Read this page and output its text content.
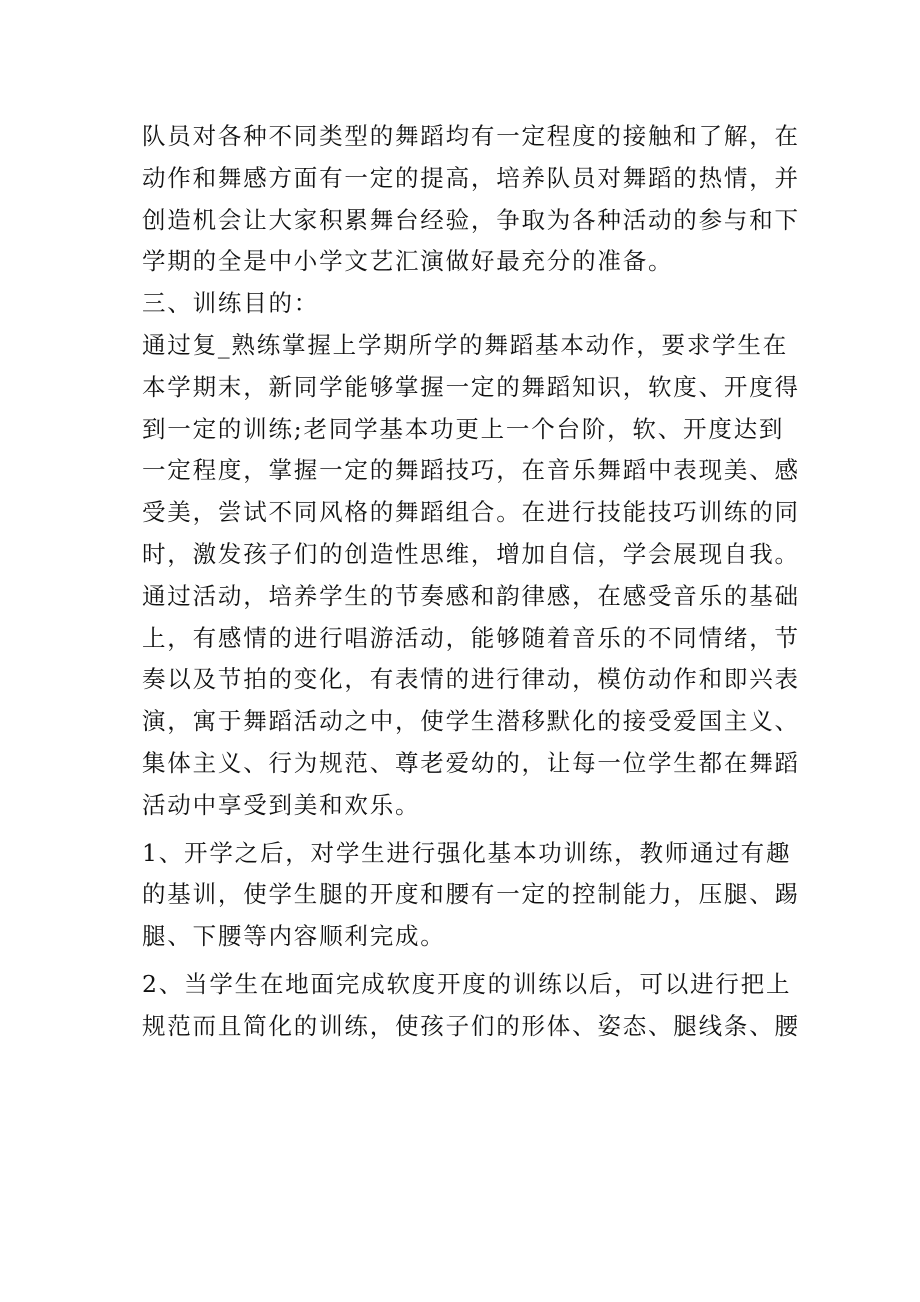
队员对各种不同类型的舞蹈均有一定程度的接触和了解，在
动作和舞感方面有一定的提高，培养队员对舞蹈的热情，并
创造机会让大家积累舞台经验，争取为各种活动的参与和下
学期的全是中小学文艺汇演做好最充分的准备。
三、训练目的：
通过复_熟练掌握上学期所学的舞蹈基本动作，要求学生在
本学期末，新同学能够掌握一定的舞蹈知识，软度、开度得
到一定的训练;老同学基本功更上一个台阶，软、开度达到
一定程度，掌握一定的舞蹈技巧，在音乐舞蹈中表现美、感
受美，尝试不同风格的舞蹈组合。在进行技能技巧训练的同
时，激发孩子们的创造性思维，增加自信，学会展现自我。
通过活动，培养学生的节奏感和韵律感，在感受音乐的基础
上，有感情的进行唱游活动，能够随着音乐的不同情绪，节
奏以及节拍的变化，有表情的进行律动，模仿动作和即兴表
演，寓于舞蹈活动之中，使学生潜移默化的接受爱国主义、
集体主义、行为规范、尊老爱幼的，让每一位学生都在舞蹈
活动中享受到美和欢乐。
1、开学之后，对学生进行强化基本功训练，教师通过有趣
的基训，使学生腿的开度和腰有一定的控制能力，压腿、踢
腿、下腰等内容顺利完成。
2、当学生在地面完成软度开度的训练以后，可以进行把上
规范而且简化的训练，使孩子们的形体、姿态、腿线条、腰
